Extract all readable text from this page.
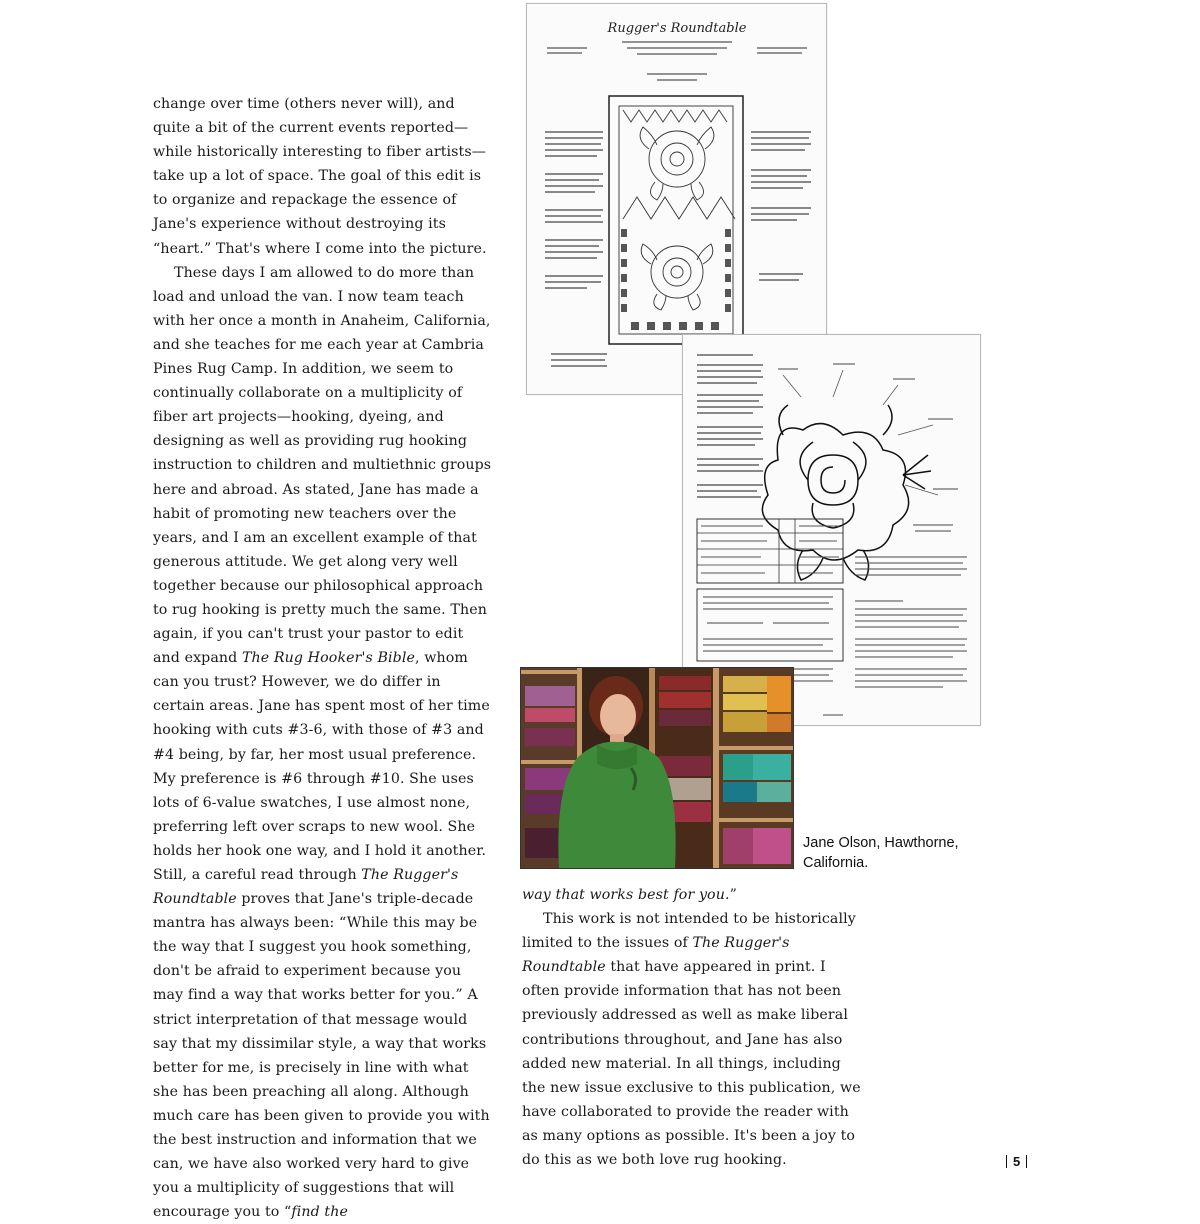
change over time (others never will), and quite a bit of the current events reported—while historically interesting to fiber artists—take up a lot of space. The goal of this edit is to organize and repackage the essence of Jane's experience without destroying its “heart.” That's where I come into the picture.

These days I am allowed to do more than load and unload the van. I now team teach with her once a month in Anaheim, California, and she teaches for me each year at Cambria Pines Rug Camp. In addition, we seem to continually collaborate on a multiplicity of fiber art projects—hooking, dyeing, and designing as well as providing rug hooking instruction to children and multiethnic groups here and abroad. As stated, Jane has made a habit of promoting new teachers over the years, and I am an excellent example of that generous attitude. We get along very well together because our philosophical approach to rug hooking is pretty much the same. Then again, if you can't trust your pastor to edit and expand The Rug Hooker's Bible, whom can you trust? However, we do differ in certain areas. Jane has spent most of her time hooking with cuts #3-6, with those of #3 and #4 being, by far, her most usual preference. My preference is #6 through #10. She uses lots of 6-value swatches, I use almost none, preferring left over scraps to new wool. She holds her hook one way, and I hold it another. Still, a careful read through The Rugger's Roundtable proves that Jane's triple-decade mantra has always been: “While this may be the way that I suggest you hook something, don't be afraid to experiment because you may find a way that works better for you.” A strict interpretation of that message would say that my dissimilar style, a way that works better for me, is precisely in line with what she has been preaching all along. Although much care has been given to provide you with the best instruction and information that we can, we have also worked very hard to give you a multiplicity of suggestions that will encourage you to “find the

Rugger's Roundtable
Jane Olson, Hawthorne,
California.

way that works best for you.”

This work is not intended to be historically limited to the issues of The Rugger's Roundtable that have appeared in print. I often provide information that has not been previously addressed as well as make liberal contributions throughout, and Jane has also added new material. In all things, including the new issue exclusive to this publication, we have collaborated to provide the reader with as many options as possible. It's been a joy to do this as we both love rug hooking.	5
